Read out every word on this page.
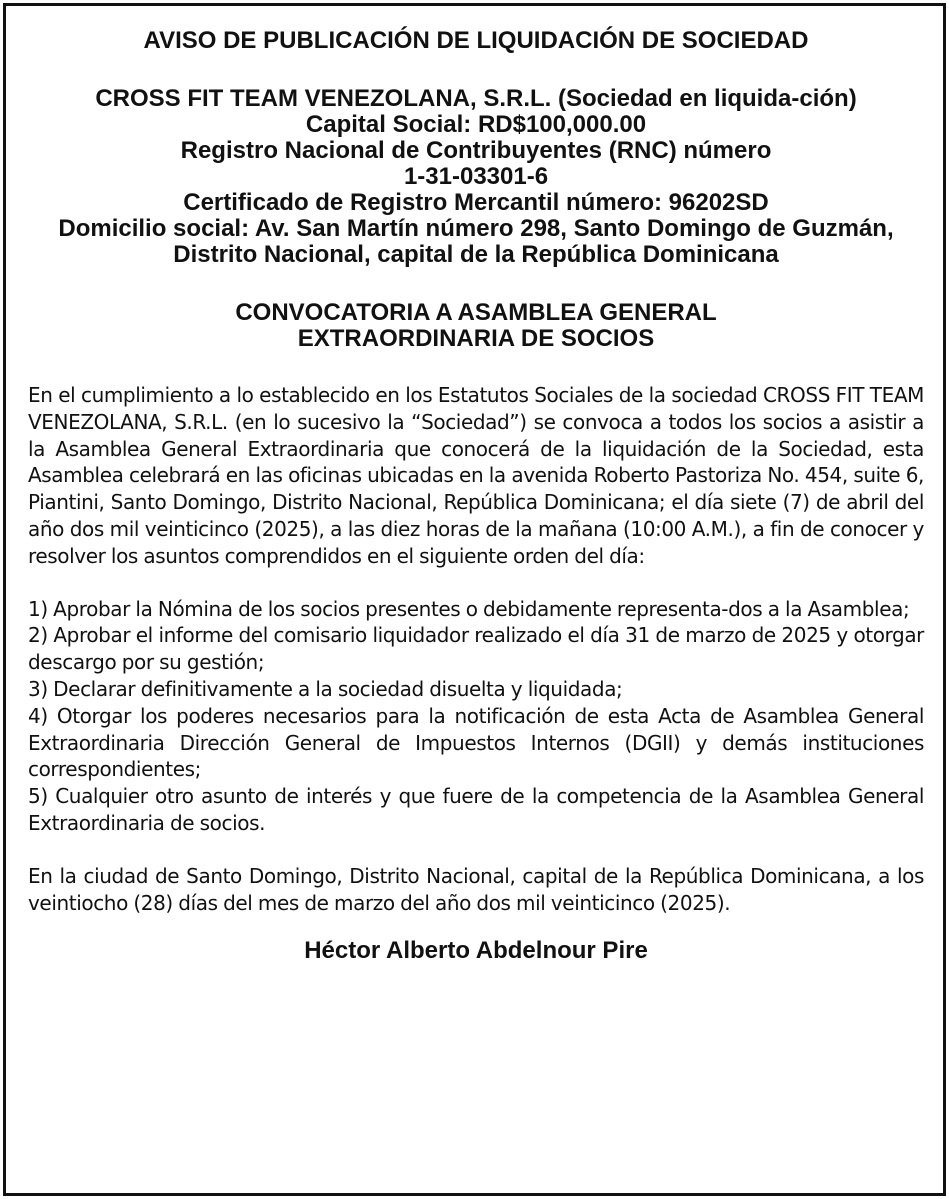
AVISO DE PUBLICACIÓN DE LIQUIDACIÓN DE SOCIEDAD
CROSS FIT TEAM VENEZOLANA, S.R.L. (Sociedad en liquida-ción)
Capital Social: RD$100,000.00
Registro Nacional de Contribuyentes (RNC) número
1-31-03301-6
Certificado de Registro Mercantil número: 96202SD
Domicilio social: Av. San Martín número 298, Santo Domingo de Guzmán,
Distrito Nacional, capital de la República Dominicana
CONVOCATORIA A ASAMBLEA GENERAL
EXTRAORDINARIA DE SOCIOS
En el cumplimiento a lo establecido en los Estatutos Sociales de la sociedad CROSS FIT TEAM VENEZOLANA, S.R.L. (en lo sucesivo la “Sociedad”) se convoca a todos los socios a asistir a la Asamblea General Extraordinaria que conocerá de la liquidación de la Sociedad, esta Asamblea celebrará en las oficinas ubicadas en la avenida Roberto Pastoriza No. 454, suite 6, Piantini, Santo Domingo, Distrito Nacional, República Dominicana; el día siete (7) de abril del año dos mil veinticinco (2025), a las diez horas de la mañana (10:00 A.M.), a fin de conocer y resolver los asuntos comprendidos en el siguiente orden del día:
1) Aprobar la Nómina de los socios presentes o debidamente representa-dos a la Asamblea;
2) Aprobar el informe del comisario liquidador realizado el día 31 de marzo de 2025 y otorgar descargo por su gestión;
3) Declarar definitivamente a la sociedad disuelta y liquidada;
4) Otorgar los poderes necesarios para la notificación de esta Acta de Asamblea General Extraordinaria Dirección General de Impuestos Internos (DGII) y demás instituciones correspondientes;
5) Cualquier otro asunto de interés y que fuere de la competencia de la Asamblea General Extraordinaria de socios.
En la ciudad de Santo Domingo, Distrito Nacional, capital de la República Dominicana, a los veintiocho (28) días del mes de marzo del año dos mil veinticinco (2025).
Héctor Alberto Abdelnour Pire
